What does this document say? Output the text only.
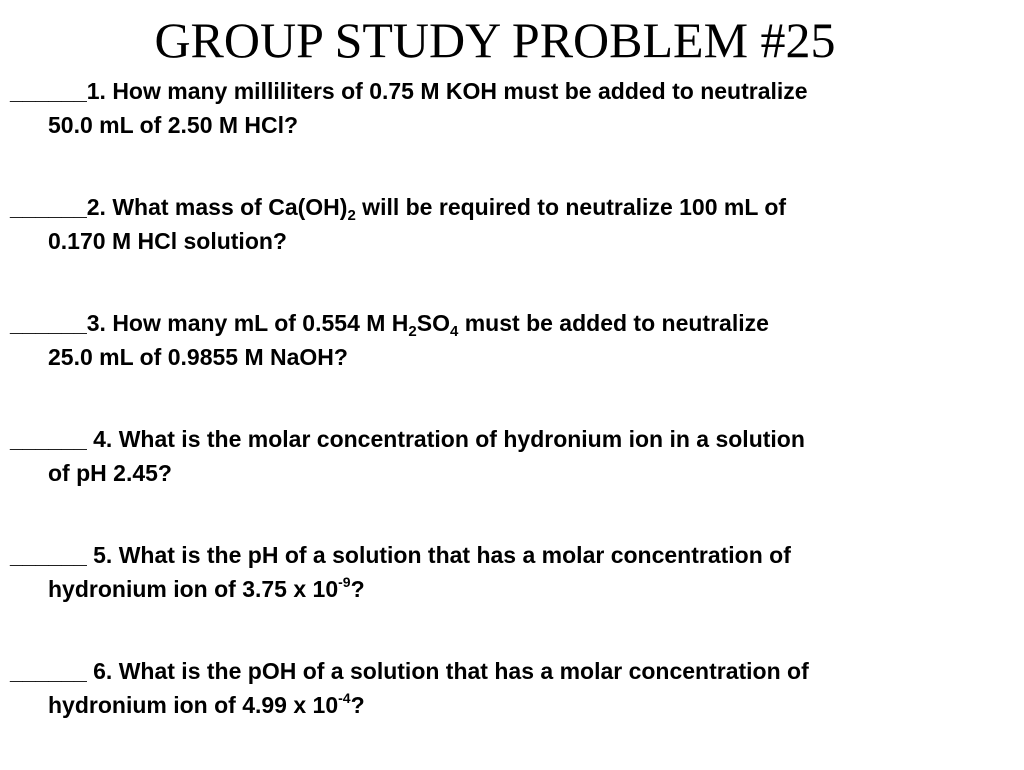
GROUP STUDY PROBLEM #25
______1. How many milliliters of 0.75 M KOH must be added to neutralize
50.0 mL of 2.50 M HCl?
______2. What mass of $Ca(OH)_2$ will be required to neutralize 100 mL of
0.170 M HCl solution?
______3. How many mL of 0.554 M $H_2SO_4$ must be added to neutralize
25.0 mL of 0.9855 M NaOH?
______ 4. What is the molar concentration of hydronium ion in a solution
of pH 2.45?
______ 5. What is the pH of a solution that has a molar concentration of
hydronium ion of 3.75 x $10^{-9}$?
______ 6. What is the pOH of a solution that has a molar concentration of
hydronium ion of 4.99 x $10^{-4}$?
